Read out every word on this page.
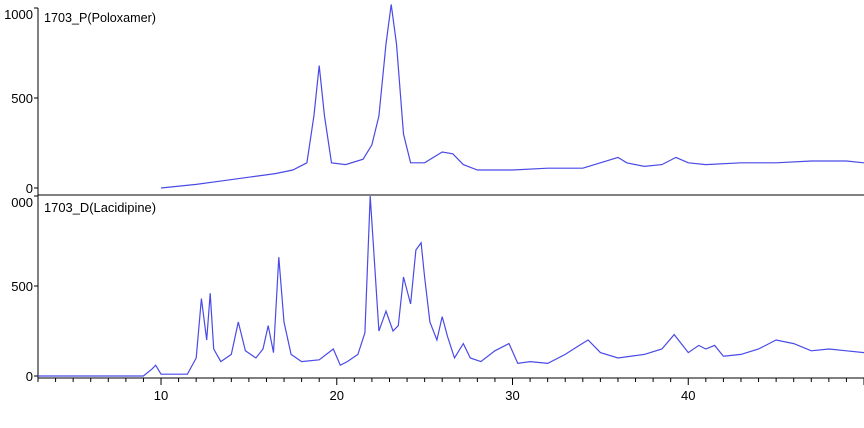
1703_P(Poloxamer)
0
500
1000
1703_D(Lacidipine)
0
500
000
10	20	30	40
